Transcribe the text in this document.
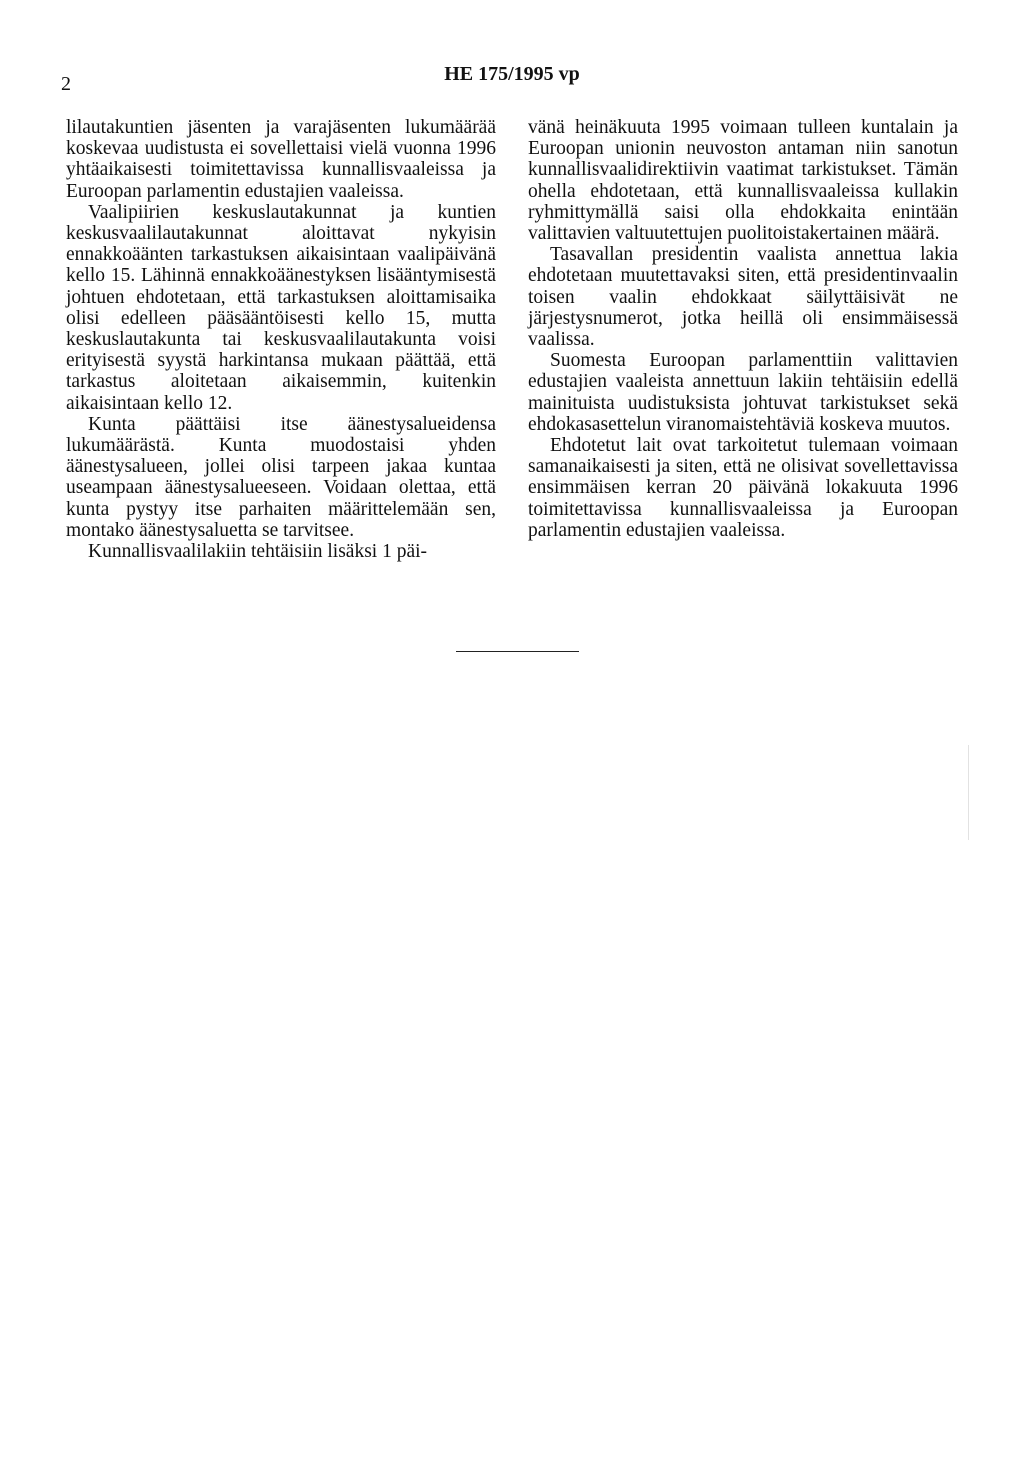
2	HE 175/1995 vp

lilautakuntien jäsenten ja varajäsenten lukumäärää koskevaa uudistusta ei sovellettaisi vielä vuonna 1996 yhtäaikaisesti toimitettavissa kunnallisvaaleissa ja Euroopan parlamentin edustajien vaaleissa.

Vaalipiirien keskuslautakunnat ja kuntien keskusvaalilautakunnat aloittavat nykyisin ennakkoäänten tarkastuksen aikaisintaan vaalipäivänä kello 15. Lähinnä ennakkoäänestyksen lisääntymisestä johtuen ehdotetaan, että tarkastuksen aloittamisaika olisi edelleen pääsääntöisesti kello 15, mutta keskuslautakunta tai keskusvaalilautakunta voisi erityisestä syystä harkintansa mukaan päättää, että tarkastus aloitetaan aikaisemmin, kuitenkin aikaisintaan kello 12.

Kunta päättäisi itse äänestysalueidensa lukumäärästä. Kunta muodostaisi yhden äänestysalueen, jollei olisi tarpeen jakaa kuntaa useampaan äänestysalueeseen. Voidaan olettaa, että kunta pystyy itse parhaiten määrittelemään sen, montako äänestysaluetta se tarvitsee.

Kunnallisvaalilakiin tehtäisiin lisäksi 1 päi-

vänä heinäkuuta 1995 voimaan tulleen kuntalain ja Euroopan unionin neuvoston antaman niin sanotun kunnallisvaalidirektiivin vaatimat tarkistukset. Tämän ohella ehdotetaan, että kunnallisvaaleissa kullakin ryhmittymällä saisi olla ehdokkaita enintään valittavien valtuutettujen puolitoistakertainen määrä.

Tasavallan presidentin vaalista annettua lakia ehdotetaan muutettavaksi siten, että presidentinvaalin toisen vaalin ehdokkaat säilyttäisivät ne järjestysnumerot, jotka heillä oli ensimmäisessä vaalissa.

Suomesta Euroopan parlamenttiin valittavien edustajien vaaleista annettuun lakiin tehtäisiin edellä mainituista uudistuksista johtuvat tarkistukset sekä ehdokasasettelun viranomaistehtäviä koskeva muutos.

Ehdotetut lait ovat tarkoitetut tulemaan voimaan samanaikaisesti ja siten, että ne olisivat sovellettavissa ensimmäisen kerran 20 päivänä lokakuuta 1996 toimitettavissa kunnallisvaaleissa ja Euroopan parlamentin edustajien vaaleissa.
